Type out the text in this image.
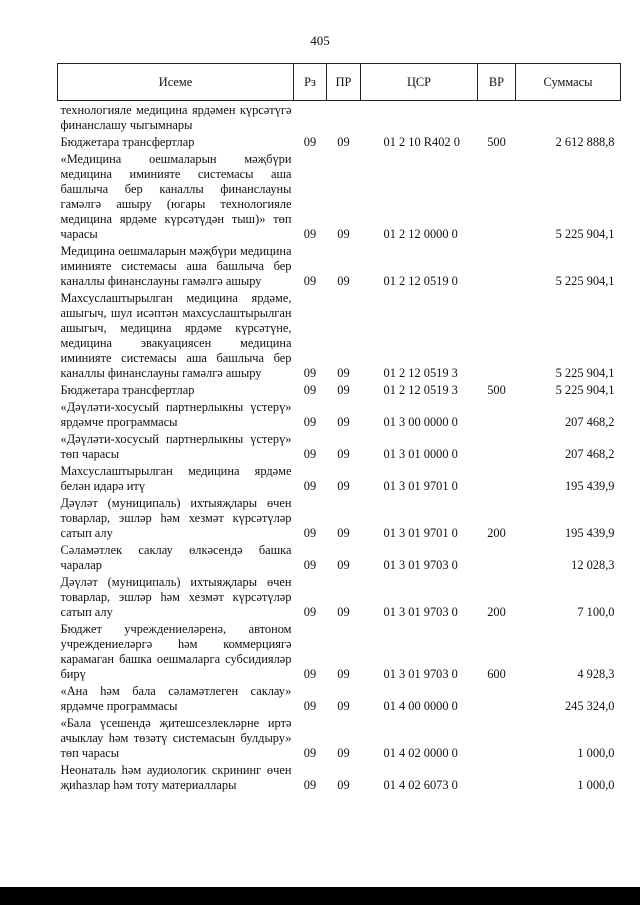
405
Исеме	Рз	ПР	ЦСР	ВР	Суммасы
технологияле медицина ярдәмен күрсәтүгә финанслашу чыгымнары					
Бюджетара трансфертлар	09	09	01 2 10 R402 0	500	2 612 888,8
«Медицина оешмаларын мәҗбүри медицина иминияте системасы аша башлыча бер каналлы финанслауны гамәлгә ашыру (югары технологияле медицина ярдәме күрсәтүдән тыш)» төп чарасы	09	09	01 2 12 0000 0		5 225 904,1
Медицина оешмаларын мәҗбүри медицина иминияте системасы аша башлыча бер каналлы финанслауны гамәлгә ашыру	09	09	01 2 12 0519 0		5 225 904,1
Махсуслаштырылган медицина ярдәме, ашыгыч, шул исәптән махсуслаштырылган ашыгыч, медицина ярдәме күрсәтүне, медицина эвакуациясен медицина иминияте системасы аша башлыча бер каналлы финанслауны гамәлгә ашыру	09	09	01 2 12 0519 3		5 225 904,1
Бюджетара трансфертлар	09	09	01 2 12 0519 3	500	5 225 904,1
«Дәүләти-хосусый партнерлыкны үстерү» ярдәмче программасы	09	09	01 3 00 0000 0		207 468,2
«Дәүләти-хосусый партнерлыкны үстерү» төп чарасы	09	09	01 3 01 0000 0		207 468,2
Махсуслаштырылган медицина ярдәме белән идарә итү	09	09	01 3 01 9701 0		195 439,9
Дәүләт (муниципаль) ихтыяҗлары өчен товарлар, эшләр һәм хезмәт күрсәтүләр сатып алу	09	09	01 3 01 9701 0	200	195 439,9
Сәламәтлек саклау өлкәсендә башка чаралар	09	09	01 3 01 9703 0		12 028,3
Дәүләт (муниципаль) ихтыяҗлары өчен товарлар, эшләр һәм хезмәт күрсәтүләр сатып алу	09	09	01 3 01 9703 0	200	7 100,0
Бюджет учреждениеләренә, автоном учреждениеләргә һәм коммерциягә карамаган башка оешмаларга субсидияләр бирү	09	09	01 3 01 9703 0	600	4 928,3
«Ана һәм бала сәламәтлеген саклау» ярдәмче программасы	09	09	01 4 00 0000 0		245 324,0
«Бала үсешендә җитешсезлекләрне иртә ачыклау һәм төзәтү системасын булдыру» төп чарасы	09	09	01 4 02 0000 0		1 000,0
Неонаталь һәм аудиологик скрининг өчен җиһазлар һәм тоту материаллары	09	09	01 4 02 6073 0		1 000,0
